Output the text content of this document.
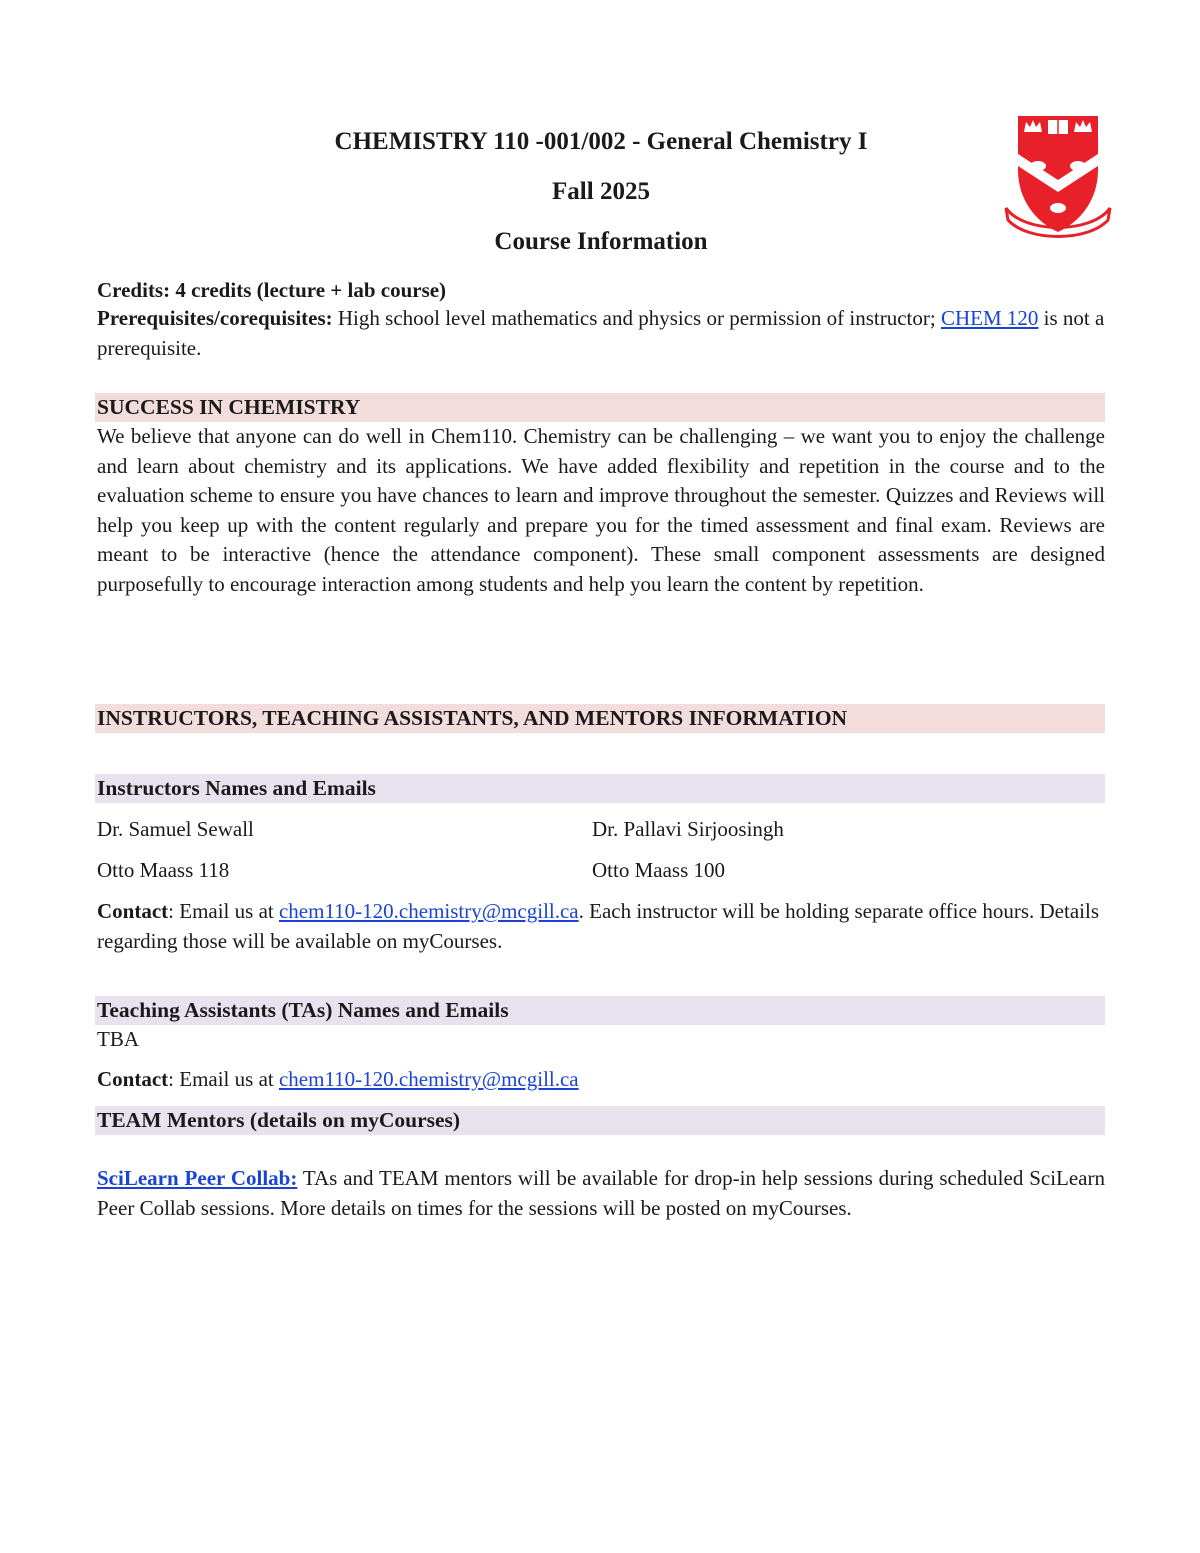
CHEMISTRY 110 -001/002 - General Chemistry I
Fall 2025
Course Information
Credits: 4 credits (lecture + lab course)
Prerequisites/corequisites: High school level mathematics and physics or permission of instructor; CHEM 120 is not a prerequisite.
SUCCESS IN CHEMISTRY
We believe that anyone can do well in Chem110. Chemistry can be challenging – we want you to enjoy the challenge and learn about chemistry and its applications. We have added flexibility and repetition in the course and to the evaluation scheme to ensure you have chances to learn and improve throughout the semester. Quizzes and Reviews will help you keep up with the content regularly and prepare you for the timed assessment and final exam. Reviews are meant to be interactive (hence the attendance component). These small component assessments are designed purposefully to encourage interaction among students and help you learn the content by repetition.
INSTRUCTORS, TEACHING ASSISTANTS, AND MENTORS INFORMATION
Instructors Names and Emails
Dr. Samuel Sewall	Dr. Pallavi Sirjoosingh
Otto Maass 118	Otto Maass 100
Contact: Email us at chem110-120.chemistry@mcgill.ca. Each instructor will be holding separate office hours. Details regarding those will be available on myCourses.
Teaching Assistants (TAs) Names and Emails
TBA
Contact: Email us at chem110-120.chemistry@mcgill.ca
TEAM Mentors (details on myCourses)
SciLearn Peer Collab: TAs and TEAM mentors will be available for drop-in help sessions during scheduled SciLearn Peer Collab sessions. More details on times for the sessions will be posted on myCourses.
